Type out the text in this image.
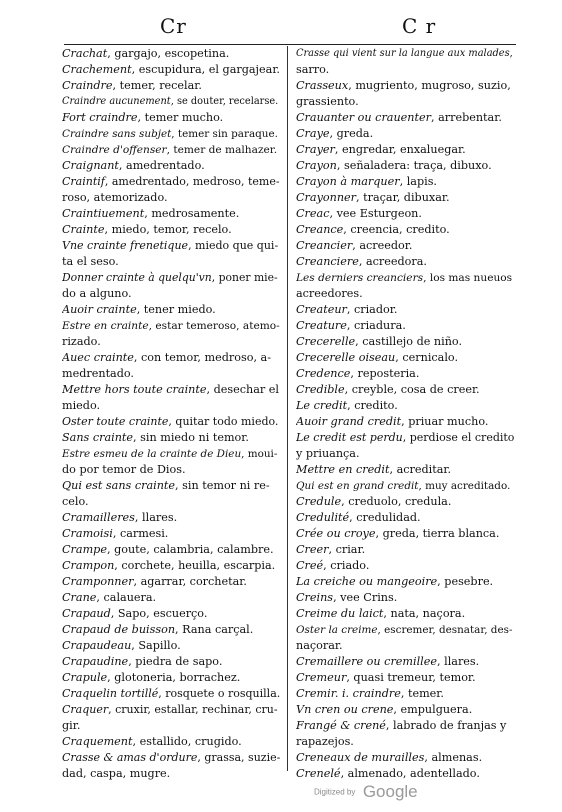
Cr	C r
Crachat, gargajo, escopetina.
Crachement, escupidura, el gargajear.
Craindre, temer, recelar.
Craindre aucunement, se douter, recelarse.
Fort craindre, temer mucho.
Craindre sans subjet, temer sin paraque.
Craindre d'offenser, temer de malhazer.
Craignant, amedrentado.
Craintif, amedrentado, medroso, teme-
roso, atemorizado.
Craintiuement, medrosamente.
Crainte, miedo, temor, recelo.
Vne crainte frenetique, miedo que qui-
ta el seso.
Donner crainte à quelqu'vn, poner mie-
do a alguno.
Auoir crainte, tener miedo.
Estre en crainte, estar temeroso, atemo-
rizado.
Auec crainte, con temor, medroso, a-
medrentado.
Mettre hors toute crainte, desechar el
miedo.
Oster toute crainte, quitar todo miedo.
Sans crainte, sin miedo ni temor.
Estre esmeu de la crainte de Dieu, moui-
do por temor de Dios.
Qui est sans crainte, sin temor ni re-
celo.
Cramailleres, llares.
Cramoisi, carmesi.
Crampe, goute, calambria, calambre.
Crampon, corchete, heuilla, escarpia.
Cramponner, agarrar, corchetar.
Crane, calauera.
Crapaud, Sapo, escuerço.
Crapaud de buisson, Rana carçal.
Crapaudeau, Sapillo.
Crapaudine, piedra de sapo.
Crapule, glotoneria, borrachez.
Craquelin tortillé, rosquete o rosquilla.
Craquer, cruxir, estallar, rechinar, cru-
gir.
Craquement, estallido, crugido.
Crasse & amas d'ordure, grassa, suzie-
dad, caspa, mugre.
Crasse qui vient sur la langue aux malades,
sarro.
Crasseux, mugriento, mugroso, suzio,
grassiento.
Crauanter ou crauenter, arrebentar.
Craye, greda.
Crayer, engredar, enxaluegar.
Crayon, señaladera: traça, dibuxo.
Crayon à marquer, lapis.
Crayonner, traçar, dibuxar.
Creac, vee Esturgeon.
Creance, creencia, credito.
Creancier, acreedor.
Creanciere, acreedora.
Les derniers creanciers, los mas nueuos
acreedores.
Createur, criador.
Creature, criadura.
Crecerelle, castillejo de niño.
Crecerelle oiseau, cernicalo.
Credence, reposteria.
Credible, creyble, cosa de creer.
Le credit, credito.
Auoir grand credit, priuar mucho.
Le credit est perdu, perdiose el credito
y priuança.
Mettre en credit, acreditar.
Qui est en grand credit, muy acreditado.
Credule, creduolo, credula.
Credulité, credulidad.
Crée ou croye, greda, tierra blanca.
Creer, criar.
Creé, criado.
La creiche ou mangeoire, pesebre.
Creins, vee Crins.
Creime du laict, nata, naçora.
Oster la creime, escremer, desnatar, des-
naçorar.
Cremaillere ou cremillee, llares.
Cremeur, quasi tremeur, temor.
Cremir. i. craindre, temer.
Vn cren ou crene, empulguera.
Frangé & crené, labrado de franjas y
rapazejos.
Creneaux de murailles, almenas.
Crenelé, almenado, adentellado.
Digitized by Google
